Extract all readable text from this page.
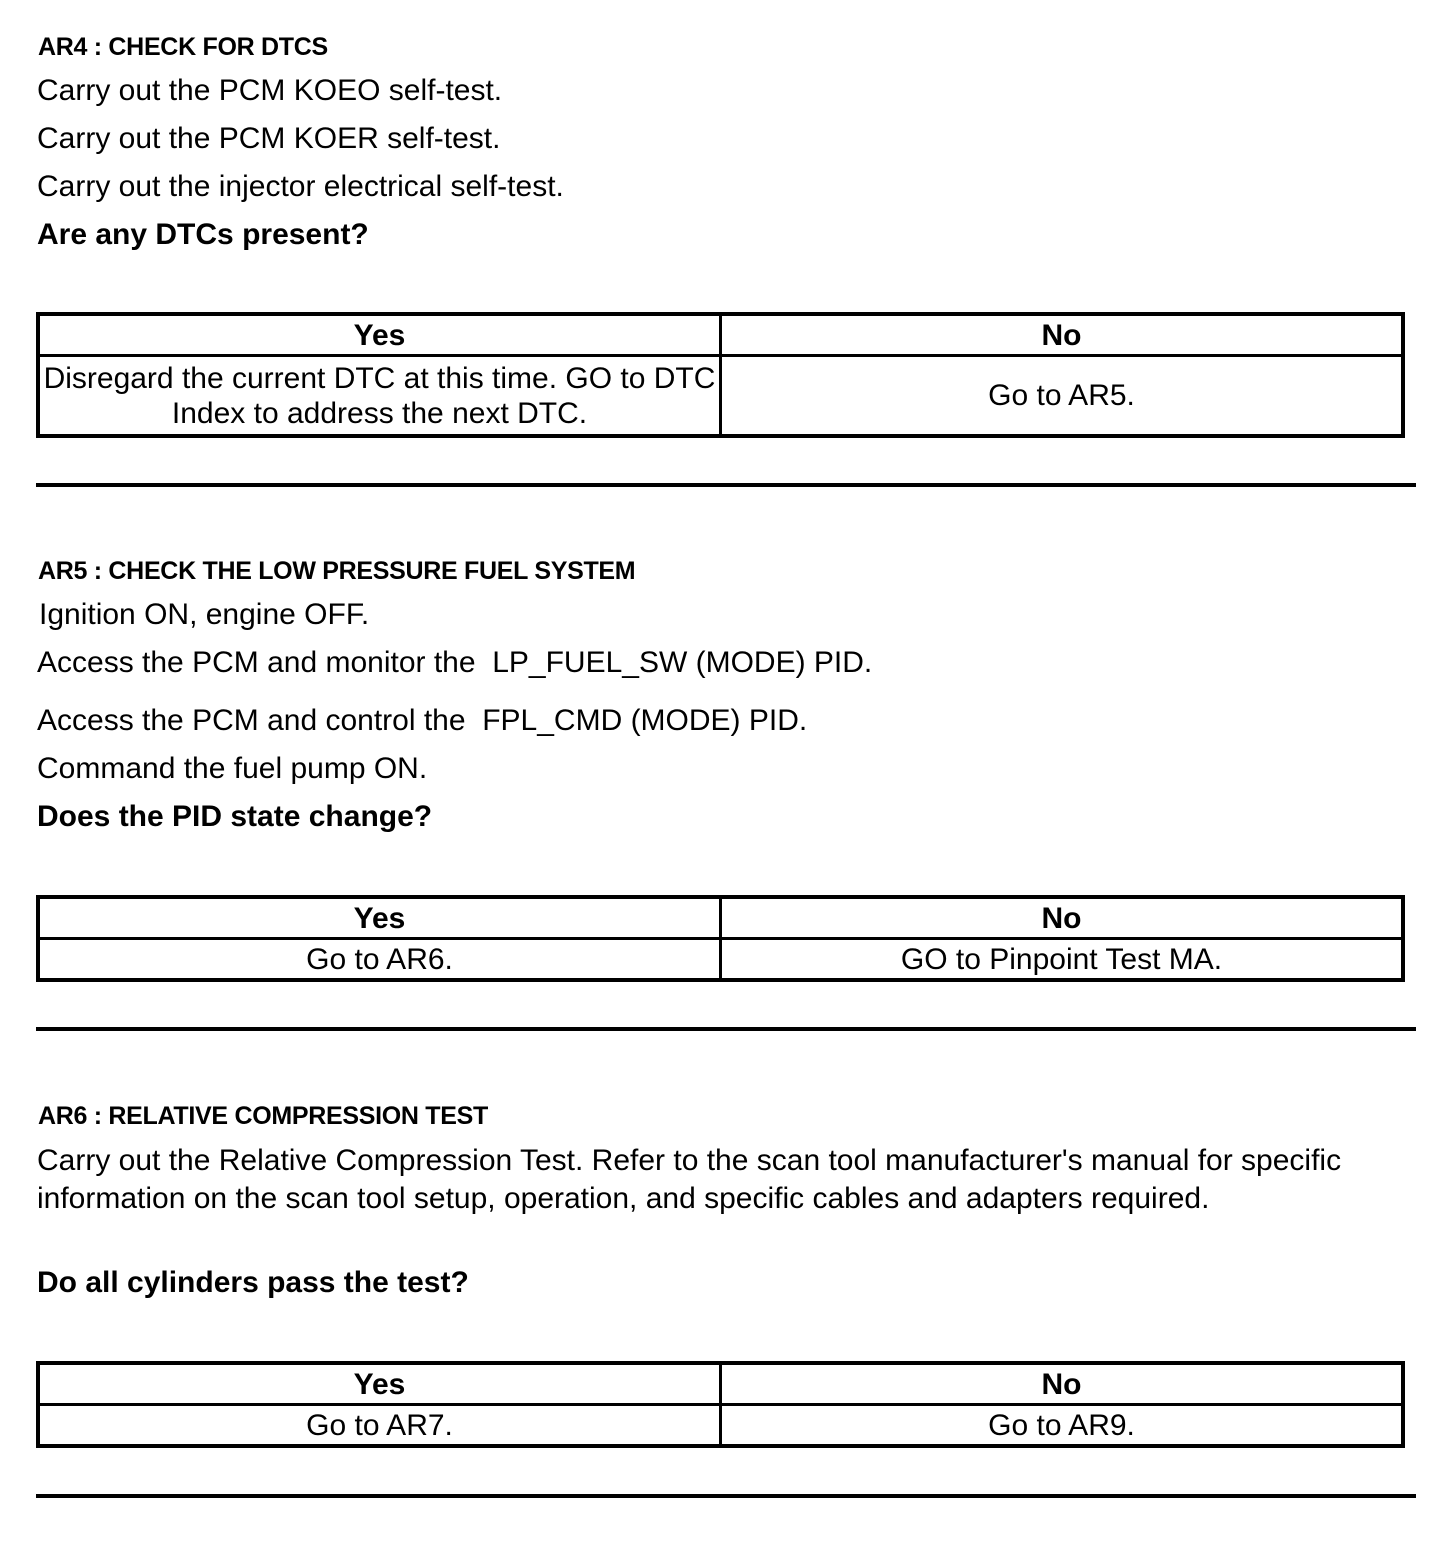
AR4 : CHECK FOR DTCS
Carry out the PCM KOEO self-test.
Carry out the PCM KOER self-test.
Carry out the injector electrical self-test.
Are any DTCs present?
Yes	No
Disregard the current DTC at this time. GO to DTC Index to address the next DTC.	Go to AR5.
AR5 : CHECK THE LOW PRESSURE FUEL SYSTEM
Ignition ON, engine OFF.
Access the PCM and monitor the  LP_FUEL_SW (MODE) PID.
Access the PCM and control the  FPL_CMD (MODE) PID.
Command the fuel pump ON.
Does the PID state change?
Yes	No
Go to AR6.	GO to Pinpoint Test MA.
AR6 : RELATIVE COMPRESSION TEST
Carry out the Relative Compression Test. Refer to the scan tool manufacturer's manual for specific information on the scan tool setup, operation, and specific cables and adapters required.
Do all cylinders pass the test?
Yes	No
Go to AR7.	Go to AR9.
